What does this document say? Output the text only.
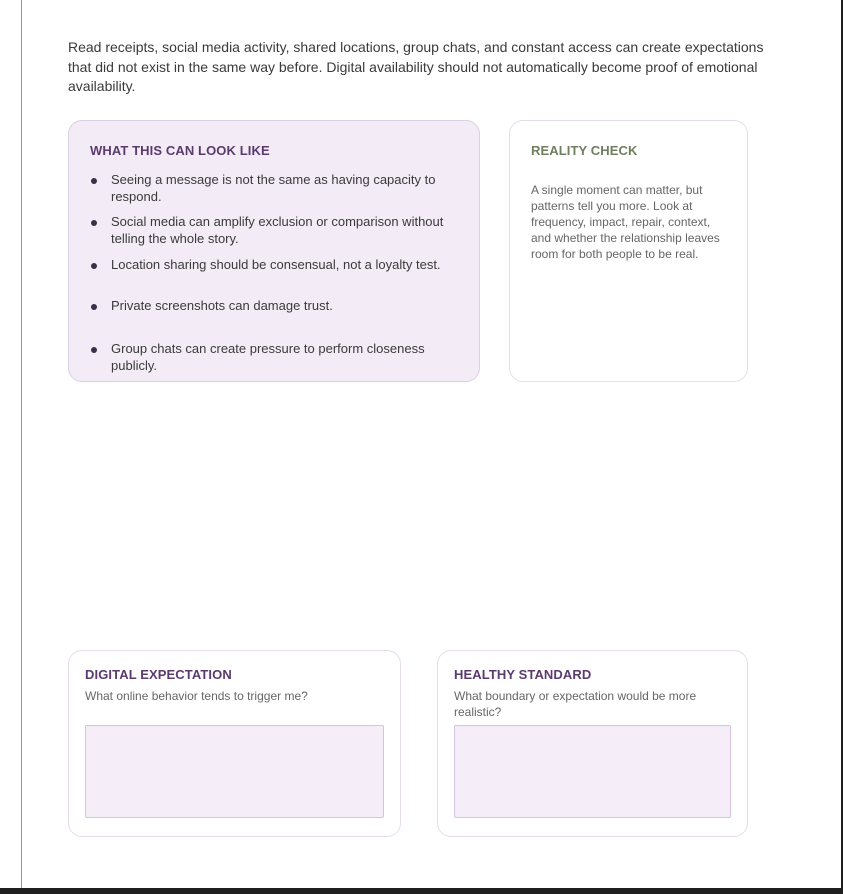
Read receipts, social media activity, shared locations, group chats, and constant access can create expectations that did not exist in the same way before. Digital availability should not automatically become proof of emotional availability.

WHAT THIS CAN LOOK LIKE
Seeing a message is not the same as having capacity to respond.
Social media can amplify exclusion or comparison without telling the whole story.
Location sharing should be consensual, not a loyalty test.
Private screenshots can damage trust.
Group chats can create pressure to perform closeness publicly.
REALITY CHECK

A single moment can matter, but patterns tell you more. Look at frequency, impact, repair, context, and whether the relationship leaves room for both people to be real.

DIGITAL EXPECTATION

What online behavior tends to trigger me?

HEALTHY STANDARD

What boundary or expectation would be more realistic?
